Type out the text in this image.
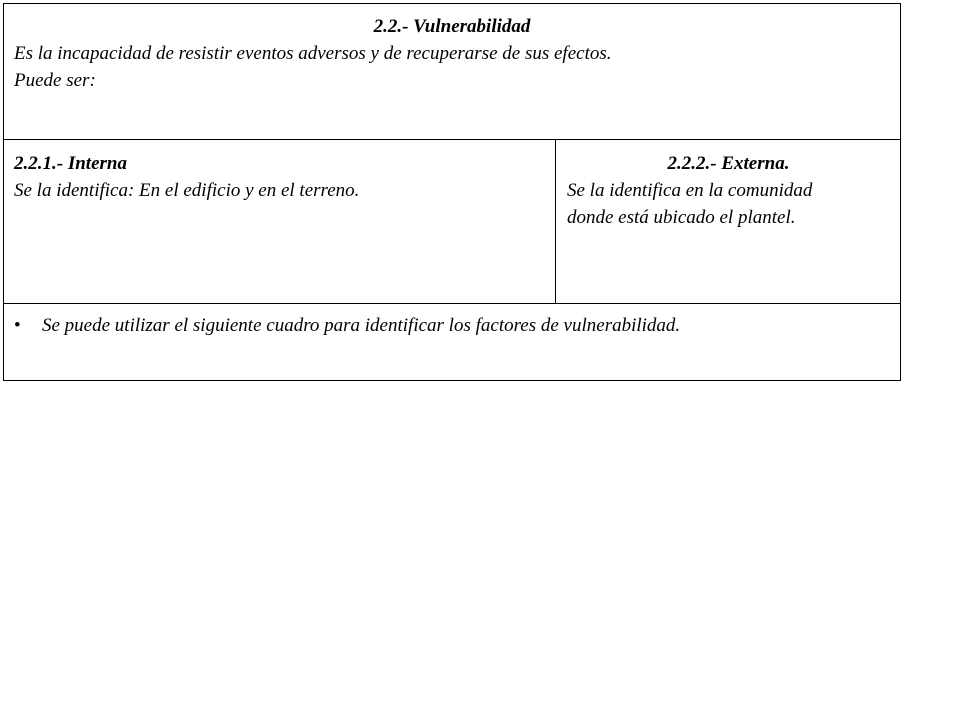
2.2.- Vulnerabilidad
Es la incapacidad de resistir eventos adversos y de recuperarse de sus efectos.
Puede ser:

2.2.1.- Interna
Se la identifica: En el edificio y en el terreno.

2.2.2.- Externa.
Se la identifica en la comunidad
donde está ubicado el plantel.

•	Se puede utilizar el siguiente cuadro para identificar los factores de vulnerabilidad.
